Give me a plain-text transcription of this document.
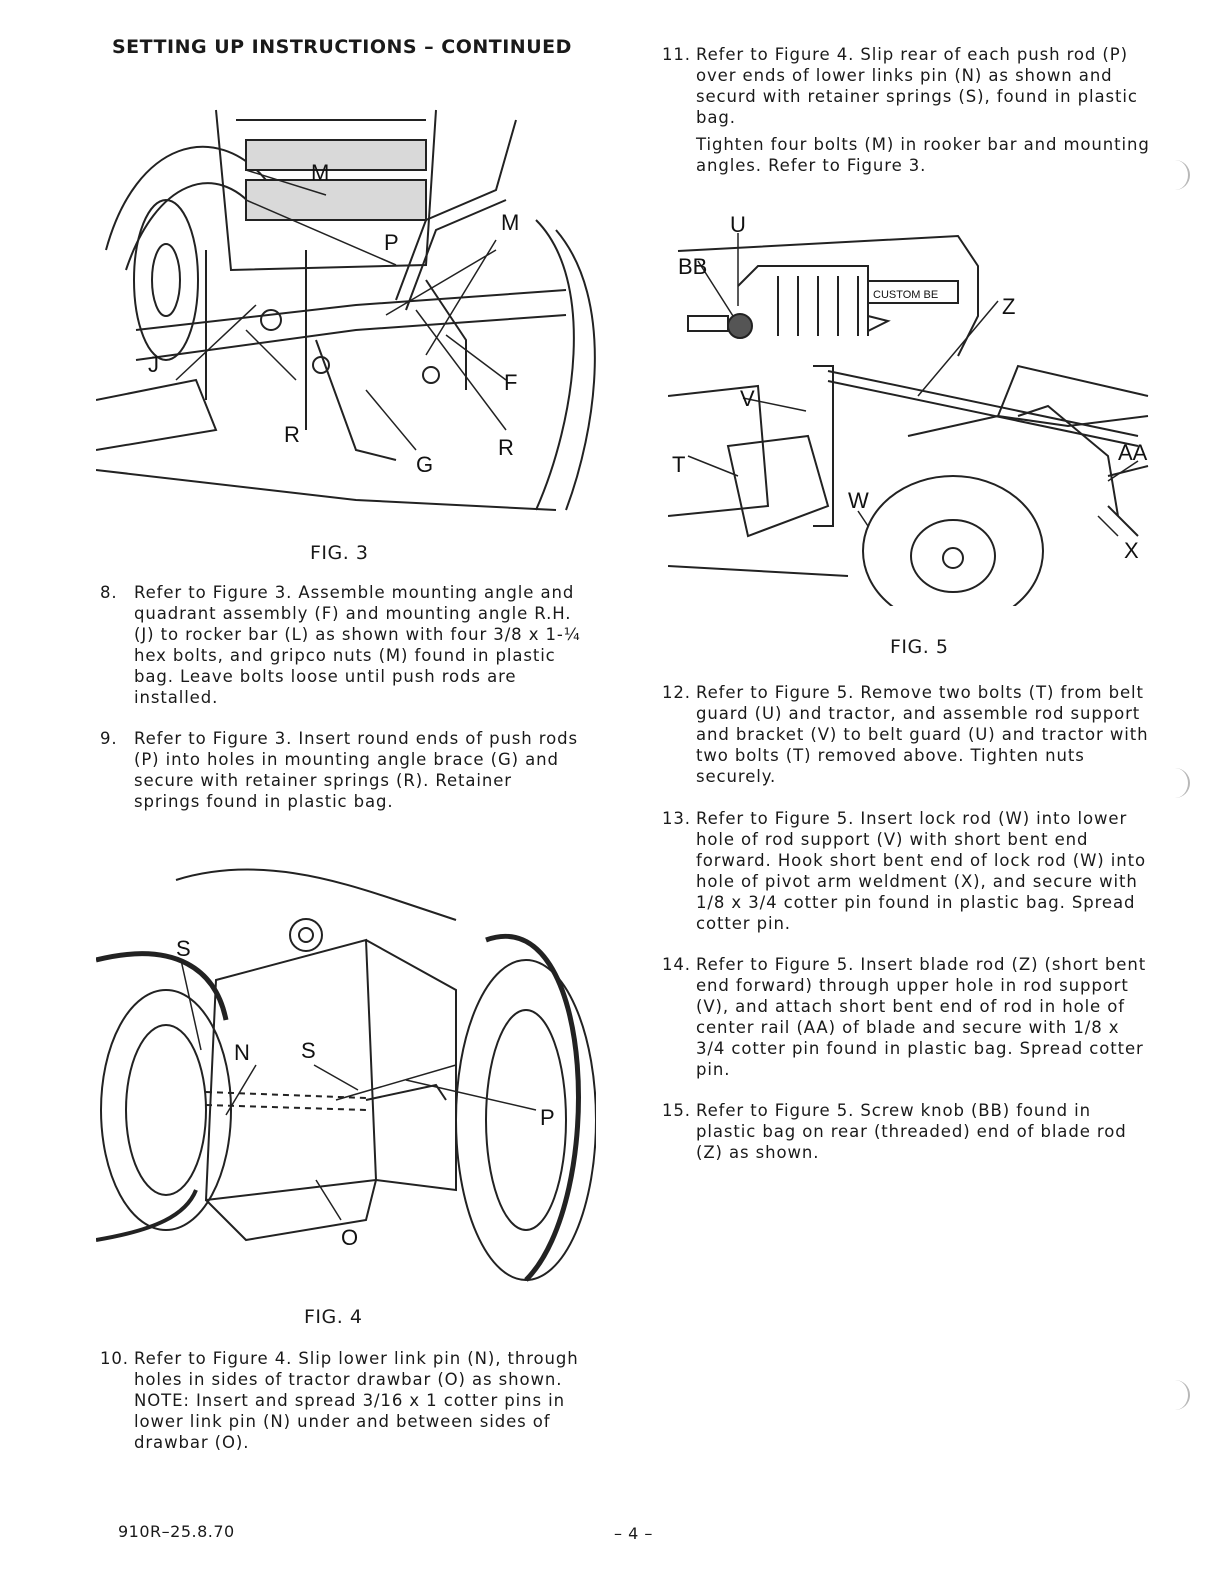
SETTING UP INSTRUCTIONS – CONTINUED
M
M
P
J
R
G
R
F
FIG. 3
8. Refer to Figure 3. Assemble mounting angle and quadrant assembly (F) and mounting angle R.H. (J) to rocker bar (L) as shown with four 3/8 x 1-¼ hex bolts, and gripco nuts (M) found in plastic bag. Leave bolts loose until push rods are installed.

9. Refer to Figure 3. Insert round ends of push rods (P) into holes in mounting angle brace (G) and secure with retainer springs (R). Retainer springs found in plastic bag.

S
N S
P
O
FIG. 4
10. Refer to Figure 4. Slip lower link pin (N), through holes in sides of tractor drawbar (O) as shown. NOTE: Insert and spread 3/16 x 1 cotter pins in lower link pin (N) under and between sides of drawbar (O).

11. Refer to Figure 4. Slip rear of each push rod (P) over ends of lower links pin (N) as shown and securd with retainer springs (S), found in plastic bag.

Tighten four bolts (M) in rooker bar and mounting angles. Refer to Figure 3.

U
BB
Z
V
T	AA
W
X
CUSTOM BE
FIG. 5
12. Refer to Figure 5. Remove two bolts (T) from belt guard (U) and tractor, and assemble rod support and bracket (V) to belt guard (U) and tractor with two bolts (T) removed above. Tighten nuts securely.

13. Refer to Figure 5. Insert lock rod (W) into lower hole of rod support (V) with short bent end forward. Hook short bent end of lock rod (W) into hole of pivot arm weldment (X), and secure with 1/8 x 3/4 cotter pin found in plastic bag. Spread cotter pin.

14. Refer to Figure 5. Insert blade rod (Z) (short bent end forward) through upper hole in rod support (V), and attach short bent end of rod in hole of center rail (AA) of blade and secure with 1/8 x 3/4 cotter pin found in plastic bag. Spread cotter pin.

15. Refer to Figure 5. Screw knob (BB) found in plastic bag on rear (threaded) end of blade rod (Z) as shown.

910R–25.8.70	– 4 –
